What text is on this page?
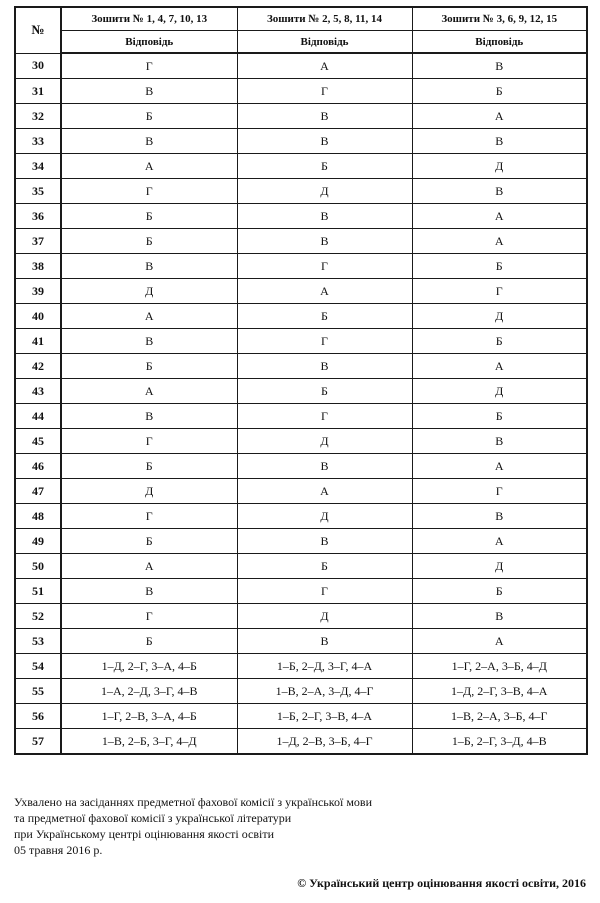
№	Зошити № 1, 4, 7, 10, 13	Зошити № 2, 5, 8, 11, 14	Зошити № 3, 6, 9, 12, 15
	Відповідь	Відповідь	Відповідь
30	Г	А	В
31	В	Г	Б
32	Б	В	А
33	В	В	В
34	А	Б	Д
35	Г	Д	В
36	Б	В	А
37	Б	В	А
38	В	Г	Б
39	Д	А	Г
40	А	Б	Д
41	В	Г	Б
42	Б	В	А
43	А	Б	Д
44	В	Г	Б
45	Г	Д	В
46	Б	В	А
47	Д	А	Г
48	Г	Д	В
49	Б	В	А
50	А	Б	Д
51	В	Г	Б
52	Г	Д	В
53	Б	В	А
54	1–Д, 2–Г, 3–А, 4–Б	1–Б, 2–Д, 3–Г, 4–А	1–Г, 2–А, 3–Б, 4–Д
55	1–А, 2–Д, 3–Г, 4–В	1–В, 2–А, 3–Д, 4–Г	1–Д, 2–Г, 3–В, 4–А
56	1–Г, 2–В, 3–А, 4–Б	1–Б, 2–Г, 3–В, 4–А	1–В, 2–А, 3–Б, 4–Г
57	1–В, 2–Б, 3–Г, 4–Д	1–Д, 2–В, 3–Б, 4–Г	1–Б, 2–Г, 3–Д, 4–В
Ухвалено на засіданнях предметної фахової комісії з української мови
та предметної фахової комісії з української літератури
при Українському центрі оцінювання якості освіти
05 травня 2016 р.
© Український центр оцінювання якості освіти, 2016
